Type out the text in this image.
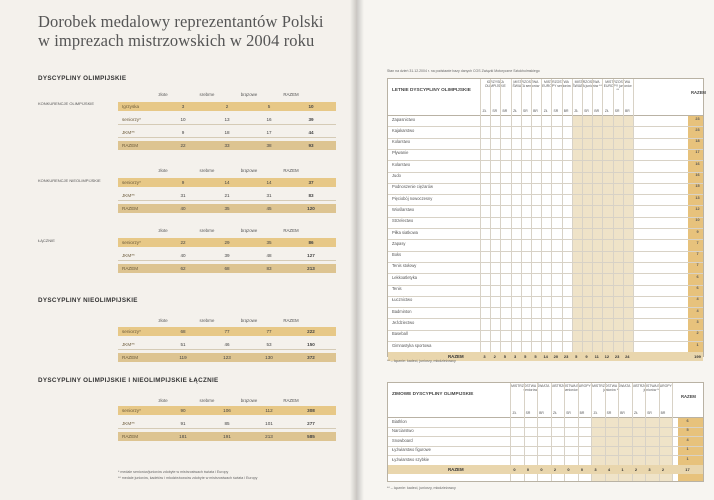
Dorobek medalowy reprezentantów Polski
w imprezach mistrzowskich w 2004 roku
DYSCYPLINY OLIMPIJSKIE
KONKURENCJE OLIMPIJSKIE
złote	srebrne	brązowe	RAZEM
Igrzyska	3	2	5	10
seniorzy*	10	13	16	39
JKM**	9	18	17	44
RAZEM	22	33	38	93
KONKURENCJE NIEOLIMPIJSKIE
złote	srebrne	brązowe	RAZEM
seniorzy*	9	14	14	37
JKM**	31	21	31	83
RAZEM	40	35	45	120
ŁĄCZNIE
złote	srebrne	brązowe	RAZEM
seniorzy*	22	29	35	86
JKM**	40	39	48	127
RAZEM	62	68	83	213
DYSCYPLINY NIEOLIMPIJSKIE
złote	srebrne	brązowe	RAZEM
seniorzy*	68	77	77	222
JKM**	51	46	53	150
RAZEM	119	123	130	372
DYSCYPLINY OLIMPIJSKIE I NIEOLIMPIJSKIE ŁĄCZNIE
złote	srebrne	brązowe	RAZEM
seniorzy*	90	106	112	308
JKM**	91	85	101	277
RAZEM	181	191	213	585
* medale seniorów/juniorów zdobyte w mistrzostwach świata i Europy
** medale juniorów, kadetów i młodzieżowców zdobyte w mistrzostwach świata i Europy
Stan na dzień 31.12.2004 r. na podstawie bazy danych COS Związki Motoryczne Sztokholmskiego
LETNIE DYSCYPLINY OLIMPIJSKIE
IGRZYSKA OLIMPIJSKIE
ZŁ	SR	BR
MISTRZOSTWA ŚWIATA seniorów
ZŁ	SR	BR
MISTRZOSTWA EUROPY seniorów
ZŁ	SR	BR
MISTRZOSTWA ŚWIATA juniorów **
ZŁ	SR	BR
MISTRZOSTWA EUROPY juniorów **
ZŁ	SR	BR
RAZEM
Zapasnictwo	23
Kajakarstwo	23
Kolarstwo	18
Pływanie	17
Kolarstwo	16
Judo	16
Podnoszenie ciężarów	15
Pięciobój nowoczesny	13
Wioślarstwo	12
Strzelectwo	10
Piłka siatkowa	9
Zapasy	7
Boks	7
Tenis stołowy	7
Lekkoatletyka	6
Tenis	6
Łucznictwo	4
Badminton	4
Jeździectwo	3
Baseball	2
Gimnastyka sportowa	1
RAZEM	3	2	5	3	5	5	14	20	23	5	9	11	12	23	24	199
** – łącznie: kadeci, juniorzy, młodzieżowcy
ZIMOWE DYSCYPLINY OLIMPIJSKIE
MISTRZOSTWA ŚWIATA seniorów
ZŁ	SR	BR
MISTRZOSTWA EUROPY seniorów
ZŁ	SR	BR
MISTRZOSTWA ŚWIATA juniorów **
ZŁ	SR	BR
MISTRZOSTWA EUROPY juniorów **
ZŁ	SR	BR
RAZEM
Biathlon	6
Narciarstwo	5
Snowboard	4
Łyżwiarstwo figurowe	1
Łyżwiarstwo szybkie	1
RAZEM	0	0	0	2	0	0	3	4	1	2	3	2	17
** – łącznie: kadeci, juniorzy, młodzieżowcy
